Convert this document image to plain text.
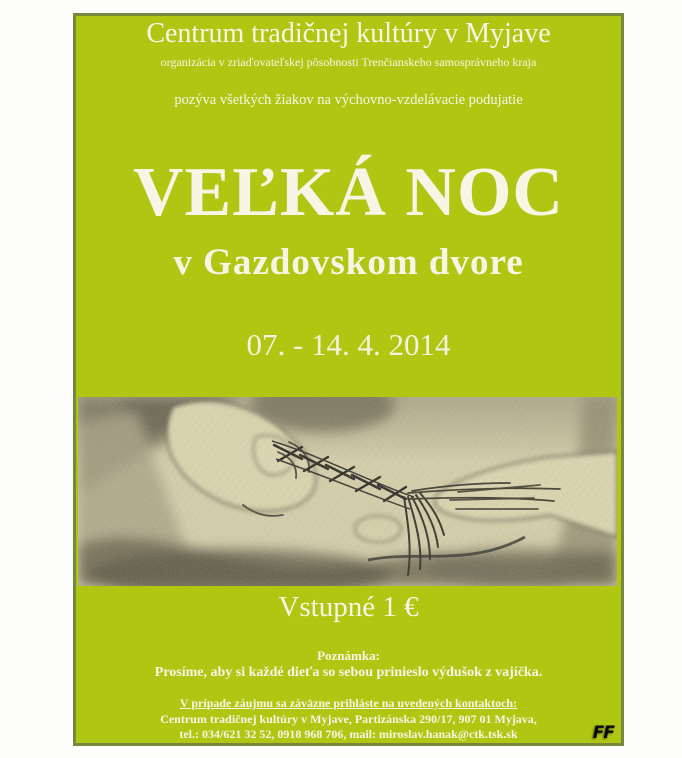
Centrum tradičnej kultúry v Myjave
organizácia v zriaďovateľskej pôsobnosti Trenčianskeho samosprávneho kraja
pozýva všetkých žiakov na výchovno-vzdelávacie podujatie
VEĽKÁ NOC
v Gazdovskom dvore
07. - 14. 4. 2014
Vstupné 1 €
Poznámka:
Prosíme, aby si každé dieťa so sebou prinieslo výdušok z vajíčka.
V prípade záujmu sa záväzne prihláste na uvedených kontaktoch:
Centrum tradičnej kultúry v Myjave, Partizánska 290/17, 907 01 Myjava,
tel.: 034/621 32 52, 0918 968 706, mail: miroslav.hanak@ctk.tsk.sk	FF
